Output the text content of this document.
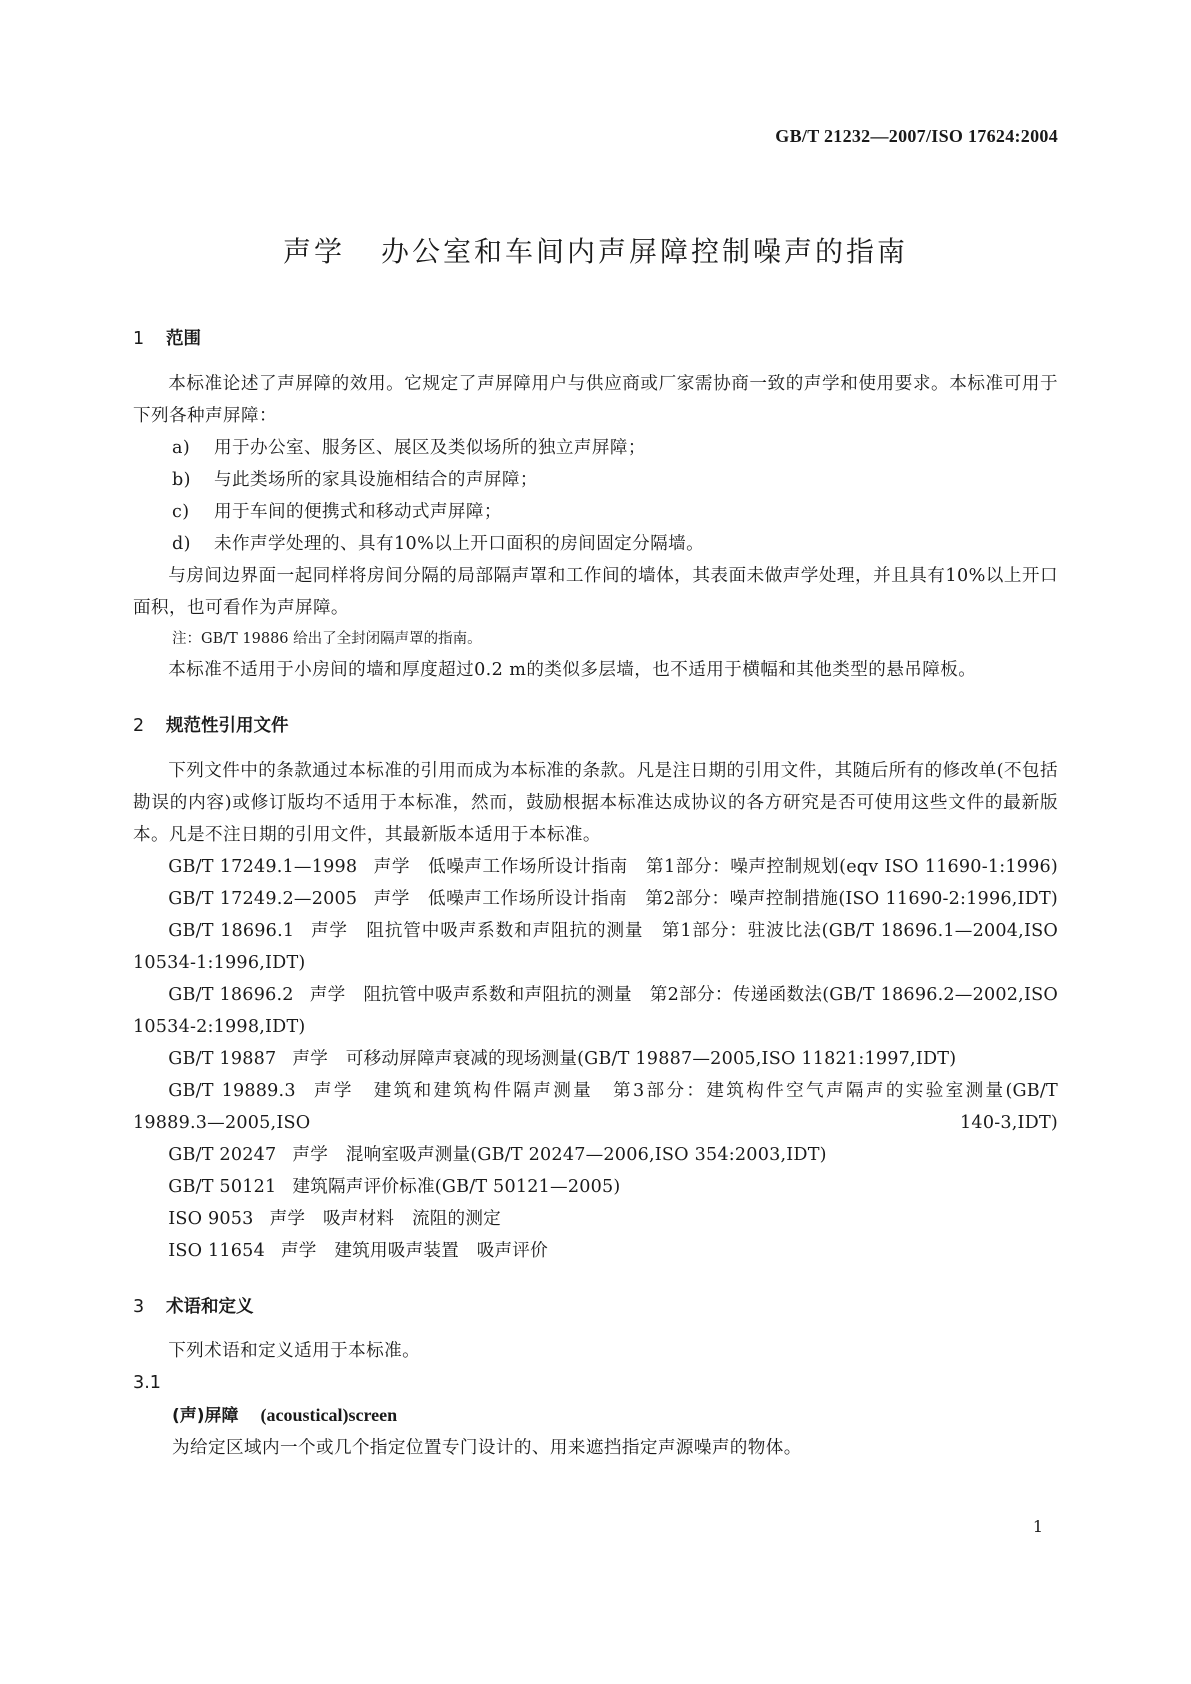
GB/T 21232—2007/ISO 17624:2004
声学 办公室和车间内声屏障控制噪声的指南
1 范围

本标准论述了声屏障的效用。它规定了声屏障用户与供应商或厂家需协商一致的声学和使用要求。本标准可用于下列各种声屏障：

a) 用于办公室、服务区、展区及类似场所的独立声屏障；

b) 与此类场所的家具设施相结合的声屏障；

c) 用于车间的便携式和移动式声屏障；

d) 未作声学处理的、具有10%以上开口面积的房间固定分隔墙。

与房间边界面一起同样将房间分隔的局部隔声罩和工作间的墙体，其表面未做声学处理，并且具有10%以上开口面积，也可看作为声屏障。

注：GB/T 19886 给出了全封闭隔声罩的指南。

本标准不适用于小房间的墙和厚度超过0.2 m的类似多层墙，也不适用于横幅和其他类型的悬吊障板。

2 规范性引用文件

下列文件中的条款通过本标准的引用而成为本标准的条款。凡是注日期的引用文件，其随后所有的修改单(不包括勘误的内容)或修订版均不适用于本标准，然而，鼓励根据本标准达成协议的各方研究是否可使用这些文件的最新版本。凡是不注日期的引用文件，其最新版本适用于本标准。

GB/T 17249.1—1998 声学　低噪声工作场所设计指南　第1部分：噪声控制规划(eqv ISO 11690-1:1996)

GB/T 17249.2—2005 声学　低噪声工作场所设计指南　第2部分：噪声控制措施(ISO 11690-2:1996,IDT)

GB/T 18696.1 声学　阻抗管中吸声系数和声阻抗的测量　第1部分：驻波比法(GB/T 18696.1—2004,ISO 10534-1:1996,IDT)

GB/T 18696.2 声学　阻抗管中吸声系数和声阻抗的测量　第2部分：传递函数法(GB/T 18696.2—2002,ISO 10534-2:1998,IDT)

GB/T 19887 声学　可移动屏障声衰减的现场测量(GB/T 19887—2005,ISO 11821:1997,IDT)

GB/T 19889.3 声学　建筑和建筑构件隔声测量　第3部分：建筑构件空气声隔声的实验室测量(GB/T 19889.3—2005,ISO 140-3,IDT)

GB/T 20247 声学　混响室吸声测量(GB/T 20247—2006,ISO 354:2003,IDT)

GB/T 50121 建筑隔声评价标准(GB/T 50121—2005)

ISO 9053 声学　吸声材料　流阻的测定

ISO 11654 声学　建筑用吸声装置　吸声评价

3 术语和定义

下列术语和定义适用于本标准。

3.1

(声)屏障 (acoustical)screen

为给定区域内一个或几个指定位置专门设计的、用来遮挡指定声源噪声的物体。

1
